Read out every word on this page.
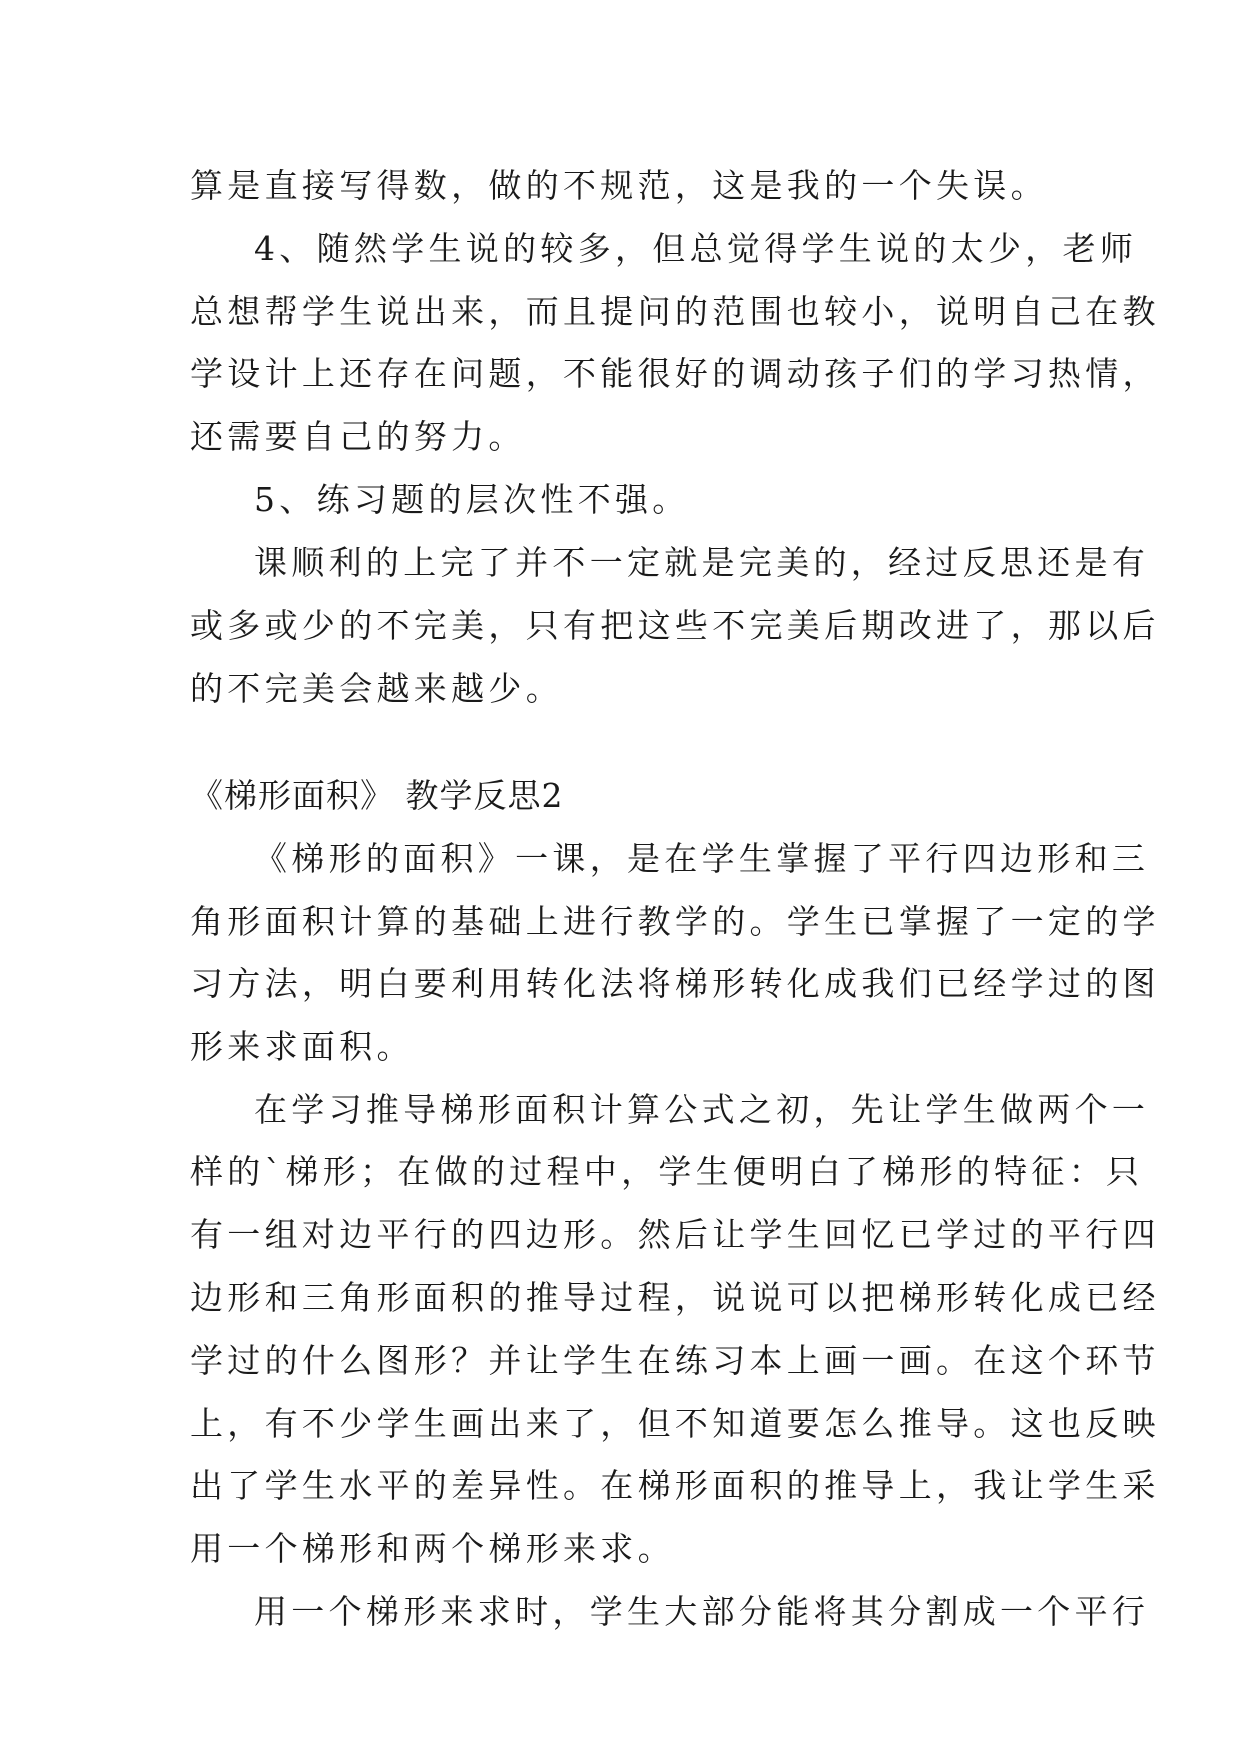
算是直接写得数，做的不规范，这是我的一个失误。
4、随然学生说的较多，但总觉得学生说的太少，老师
总想帮学生说出来，而且提问的范围也较小，说明自己在教
学设计上还存在问题，不能很好的调动孩子们的学习热情，
还需要自己的努力。
5、练习题的层次性不强。
课顺利的上完了并不一定就是完美的，经过反思还是有
或多或少的不完美，只有把这些不完美后期改进了，那以后
的不完美会越来越少。
《梯形面积》 教学反思2
《梯形的面积》一课，是在学生掌握了平行四边形和三
角形面积计算的基础上进行教学的。学生已掌握了一定的学
习方法，明白要利用转化法将梯形转化成我们已经学过的图
形来求面积。
在学习推导梯形面积计算公式之初，先让学生做两个一
样的`梯形；在做的过程中，学生便明白了梯形的特征：只
有一组对边平行的四边形。然后让学生回忆已学过的平行四
边形和三角形面积的推导过程，说说可以把梯形转化成已经
学过的什么图形？并让学生在练习本上画一画。在这个环节
上，有不少学生画出来了，但不知道要怎么推导。这也反映
出了学生水平的差异性。在梯形面积的推导上，我让学生采
用一个梯形和两个梯形来求。
用一个梯形来求时，学生大部分能将其分割成一个平行
